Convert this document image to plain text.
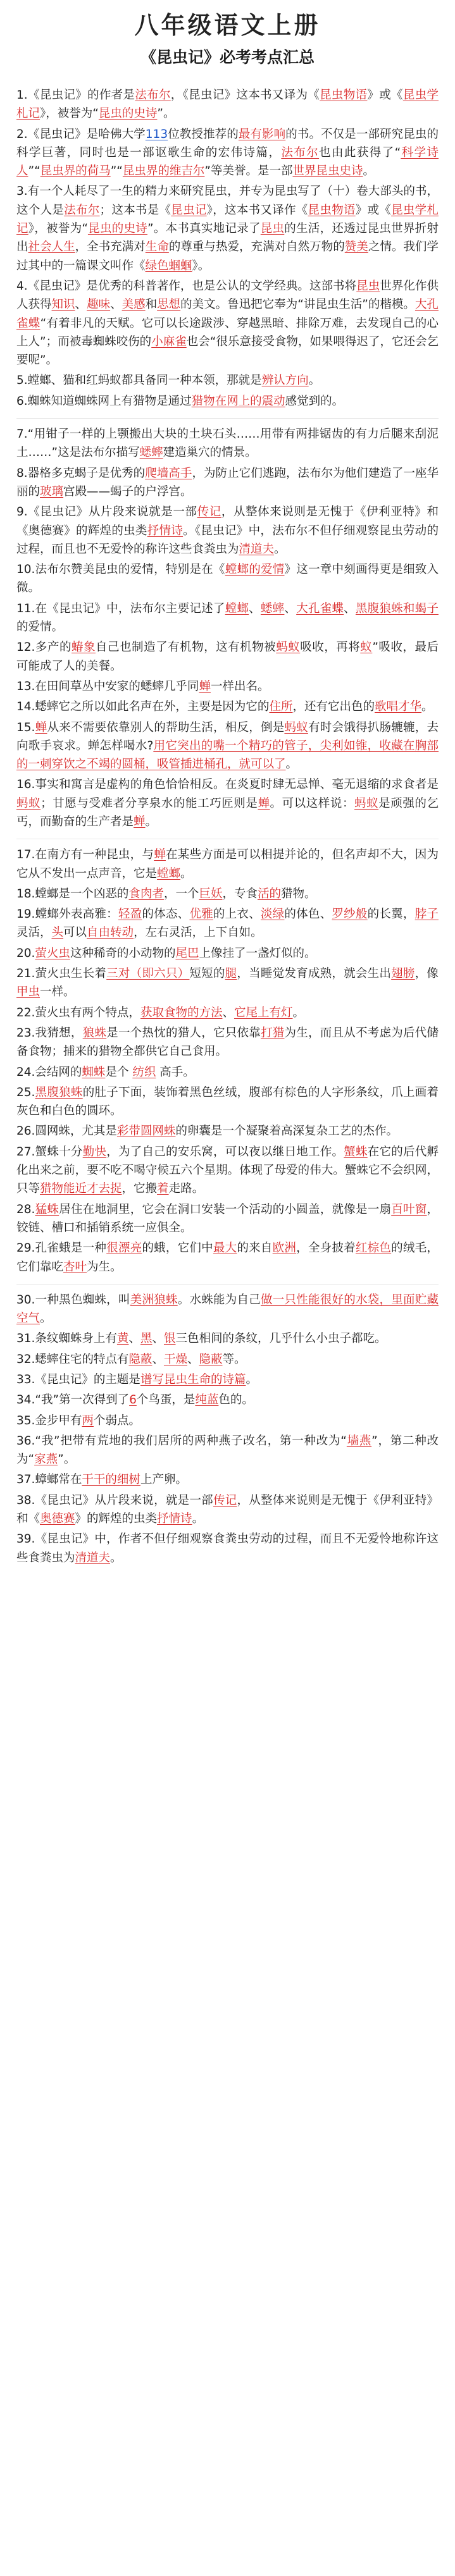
八年级语文上册
《昆虫记》必考考点汇总

1.《昆虫记》的作者是法布尔，《昆虫记》这本书又译为《昆虫物语》或《昆虫学札记》，被誉为“昆虫的史诗”。

2.《昆虫记》是哈佛大学113位教授推荐的最有影响的书。不仅是一部研究昆虫的科学巨著，同时也是一部讴歌生命的宏伟诗篇，法布尔也由此获得了“科学诗人”“昆虫界的荷马”“昆虫界的维吉尔”等美誉。是一部世界昆虫史诗。

3.有一个人耗尽了一生的精力来研究昆虫，并专为昆虫写了（十）卷大部头的书，这个人是法布尔；这本书是《昆虫记》，这本书又译作《昆虫物语》或《昆虫学札记》，被誉为“昆虫的史诗”。本书真实地记录了昆虫的生活，还透过昆虫世界折射出社会人生，全书充满对生命的尊重与热爱，充满对自然万物的赞美之情。我们学过其中的一篇课文叫作《绿色蝈蝈》。

4.《昆虫记》是优秀的科普著作，也是公认的文学经典。这部书将昆虫世界化作供人获得知识、趣味、美感和思想的美文。鲁迅把它奉为“讲昆虫生活”的楷模。大孔雀蝶“有着非凡的天赋。它可以长途跋涉、穿越黑暗、排除万难，去发现自己的心上人”；而被毒蜘蛛咬伤的小麻雀也会“很乐意接受食物，如果喂得迟了，它还会乞要呢”。

5.螳螂、猫和红蚂蚁都具备同一种本领，那就是辨认方向。

6.蜘蛛知道蜘蛛网上有猎物是通过猎物在网上的震动感觉到的。

7.“用钳子一样的上颚搬出大块的土块石头……用带有两排锯齿的有力后腿来刮泥土……”这是法布尔描写蟋蟀建造巢穴的情景。

8.器格多克蝎子是优秀的爬墙高手，为防止它们逃跑，法布尔为他们建造了一座华丽的玻璃宫殿——蝎子的户浮宫。

9.《昆虫记》从片段来说就是一部传记，从整体来说则是无愧于《伊利亚特》和《奥德赛》的辉煌的虫类抒情诗。《昆虫记》中，法布尔不但仔细观察昆虫劳动的过程，而且也不无爱怜的称许这些食粪虫为清道夫。

10.法布尔赞美昆虫的爱情，特别是在《螳螂的爱情》这一章中刻画得更是细致入微。

11.在《昆虫记》中，法布尔主要记述了螳螂、蟋蟀、大孔雀蝶、黑腹狼蛛和蝎子的爱情。

12.多产的蝽象自己也制造了有机物，这有机物被蚂蚁吸收，再将蚁”吸收，最后可能成了人的美餐。

13.在田间草丛中安家的蟋蟀几乎同蝉一样出名。

14.蟋蟀它之所以如此名声在外，主要是因为它的住所，还有它出色的歌唱才华。

15.蝉从来不需要依靠别人的帮助生活，相反，倒是蚂蚁有时会饿得扒肠辘辘，去向歌手哀求。蝉怎样喝水?用它突出的嘴一个精巧的管子，尖利如锥，收藏在胸部的一刺穿饮之不竭的圆桶，吸管插进桶孔，就可以了。

16.事实和寓言是虚构的角色恰恰相反。在炎夏时肆无忌惮、毫无退缩的求食者是蚂蚁；甘愿与受难者分享泉水的能工巧匠则是蝉。可以这样说：蚂蚁是顽强的乞丐，而勤奋的生产者是蝉。

17.在南方有一种昆虫，与蝉在某些方面是可以相提并论的，但名声却不大，因为它从不发出一点声音，它是螳螂。

18.螳螂是一个凶恶的食肉者，一个巨妖，专食活的猎物。

19.螳螂外表高雅：轻盈的体态、优雅的上衣、淡绿的体色、罗纱般的长翼，脖子灵活，头可以自由转动，左右灵活，上下自如。

20.萤火虫这种稀奇的小动物的尾巴上像挂了一盏灯似的。

21.萤火虫生长着三对（即六只）短短的腿，当睡觉发育成熟，就会生出翅膀，像甲虫一样。

22.萤火虫有两个特点，获取食物的方法、它尾上有灯。

23.我猜想，狼蛛是一个热忱的猎人，它只依靠打猎为生，而且从不考虑为后代储备食物；捕来的猎物全都供它自己食用。

24.会结网的蜘蛛是个 纺织 高手。

25.黑腹狼蛛的肚子下面，装饰着黑色丝绒，腹部有棕色的人字形条纹，爪上画着灰色和白色的圆环。

26.圆网蛛，尤其是彩带圆网蛛的卵囊是一个凝聚着高深复杂工艺的杰作。

27.蟹蛛十分勤快，为了自己的安乐窝，可以夜以继日地工作。蟹蛛在它的后代孵化出来之前，要不吃不喝守候五六个星期。体现了母爱的伟大。蟹蛛它不会织网，只等猎物能近才去捉，它搬着走路。

28.猛蛛居住在地洞里，它会在洞口安装一个活动的小圆盖，就像是一扇百叶窗，铰链、槽口和插销系统一应俱全。

29.孔雀蛾是一种很漂亮的蛾，它们中最大的来自欧洲，全身披着红棕色的绒毛，它们靠吃杏叶为生。

30.一种黑色蜘蛛，叫美洲狼蛛。水蛛能为自己做一只性能很好的水袋，里面贮藏空气。

31.条纹蜘蛛身上有黄、黑、银三色相间的条纹，几乎什么小虫子都吃。

32.蟋蟀住宅的特点有隐蔽、干燥、隐蔽等。

33.《昆虫记》的主题是谱写昆虫生命的诗篇。

34.“我”第一次得到了6个鸟蛋，是纯蓝色的。

35.金步甲有两个弱点。

36.“我”把带有荒地的我们居所的两种燕子改名，第一种改为“墙燕”，第二种改为“家燕”。

37.蟑螂常在干干的细树上产卵。

38.《昆虫记》从片段来说，就是一部传记，从整体来说则是无愧于《伊利亚特》和《奥德赛》的辉煌的虫类抒情诗。

39.《昆虫记》中，作者不但仔细观察食粪虫劳动的过程，而且不无爱怜地称许这些食粪虫为清道夫。
